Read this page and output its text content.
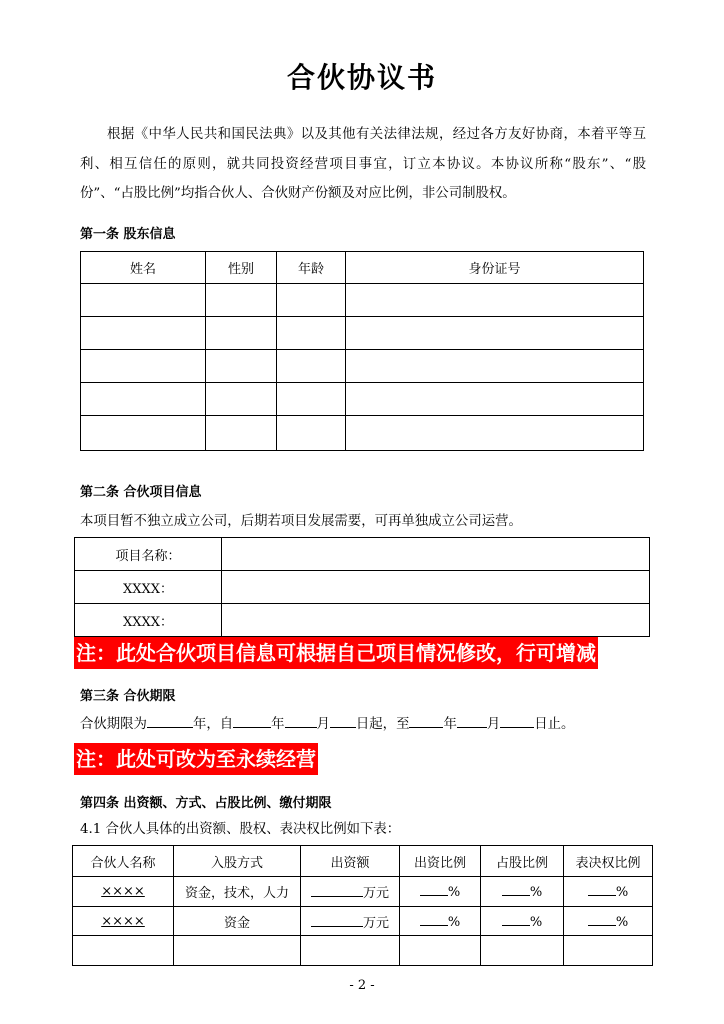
合伙协议书
根据《中华人民共和国民法典》以及其他有关法律法规，经过各方友好协商，本着平等互利、相互信任的原则，就共同投资经营项目事宜，订立本协议。本协议所称“股东”、“股份”、“占股比例”均指合伙人、合伙财产份额及对应比例，非公司制股权。
第一条 股东信息
姓名	性别	年龄	身份证号

第二条 合伙项目信息
本项目暂不独立成立公司，后期若项目发展需要，可再单独成立公司运营。
项目名称：	
XXXX：	
XXXX：	
注：此处合伙项目信息可根据自己项目情况修改，行可增减
第三条 合伙期限
合伙期限为	年，自	年 月 日起，至	年 月	日止。
注：此处可改为至永续经营
第四条 出资额、方式、占股比例、缴付期限
4.1 合伙人具体的出资额、股权、表决权比例如下表：
合伙人名称	入股方式	出资额	出资比例	占股比例	表决权比例
××××	资金，技术，人力	万元	%	%	%
××××	资金	万元	%	%	%

- 2 -
